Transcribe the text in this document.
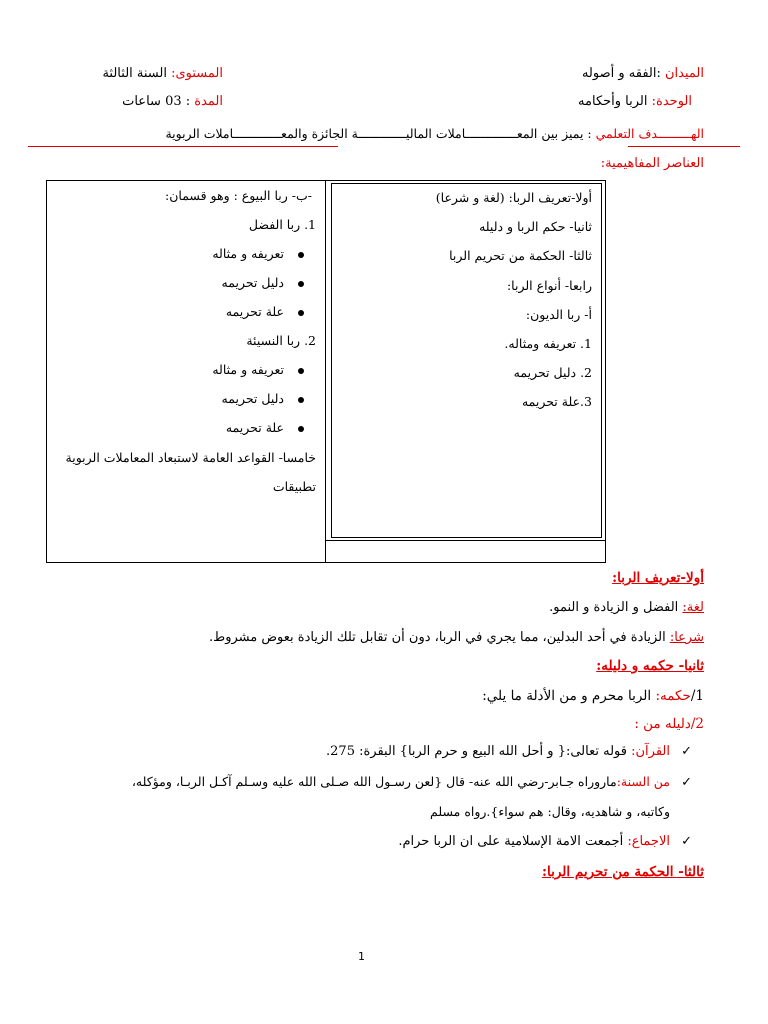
الميدان :الفقه و أصوله
المستوى: السنة الثالثة
الوحدة: الربا وأحكامه
المدة : 03 ساعات
الهـــــــــدف التعلمي : يميز بين المعــــــــــــــاملات الماليـــــــــــــة الجائزة والمعـــــــــــــاملات الربوية
العناصر المفاهيمية:
أولا-تعريف الربا: (لغة و شرعا)
ثانيا- حكم الربا و دليله
ثالثا- الحكمة من تحريم الربا
رابعا- أنواع الربا:
أ- ربا الديون:
1. تعريفه ومثاله.
2. دليل تحريمه
3.علة تحريمه
-ب- ربا البيوع : وهو قسمان:
1. ربا الفضل
تعريفه و مثاله
دليل تحريمه
علة تحريمه
2. ربا النسيئة
تعريفه و مثاله
دليل تحريمه
علة تحريمه
خامسا- القواعد العامة لاستبعاد المعاملات الربوية
تطبيقات
أولا-تعريف الربا:
لغة: الفضل و الزيادة و النمو.
شرعا: الزيادة في أحد البدلين، مما يجري في الربا، دون أن تقابل تلك الزيادة بعوض مشروط.
ثانيا- حكمه و دليله:
1/حكمه: الربا محرم و من الأدلة ما يلي:
2/دليله من :
✓القرآن: قوله تعالى:{ و أحل الله البيع و حرم الربا} البقرة: 275.
✓من السنة:ماروراه جـابر-رضي الله عنه- قال {لعن رسـول الله صـلى الله عليه وسـلم آكـل الربـا، ومؤكله،
وكاتبه، و شاهديه، وقال: هم سواء}.رواه مسلم
✓الاجماع: أجمعت الامة الإسلامية على ان الربا حرام.
ثالثا- الحكمة من تحريم الربا:
1
